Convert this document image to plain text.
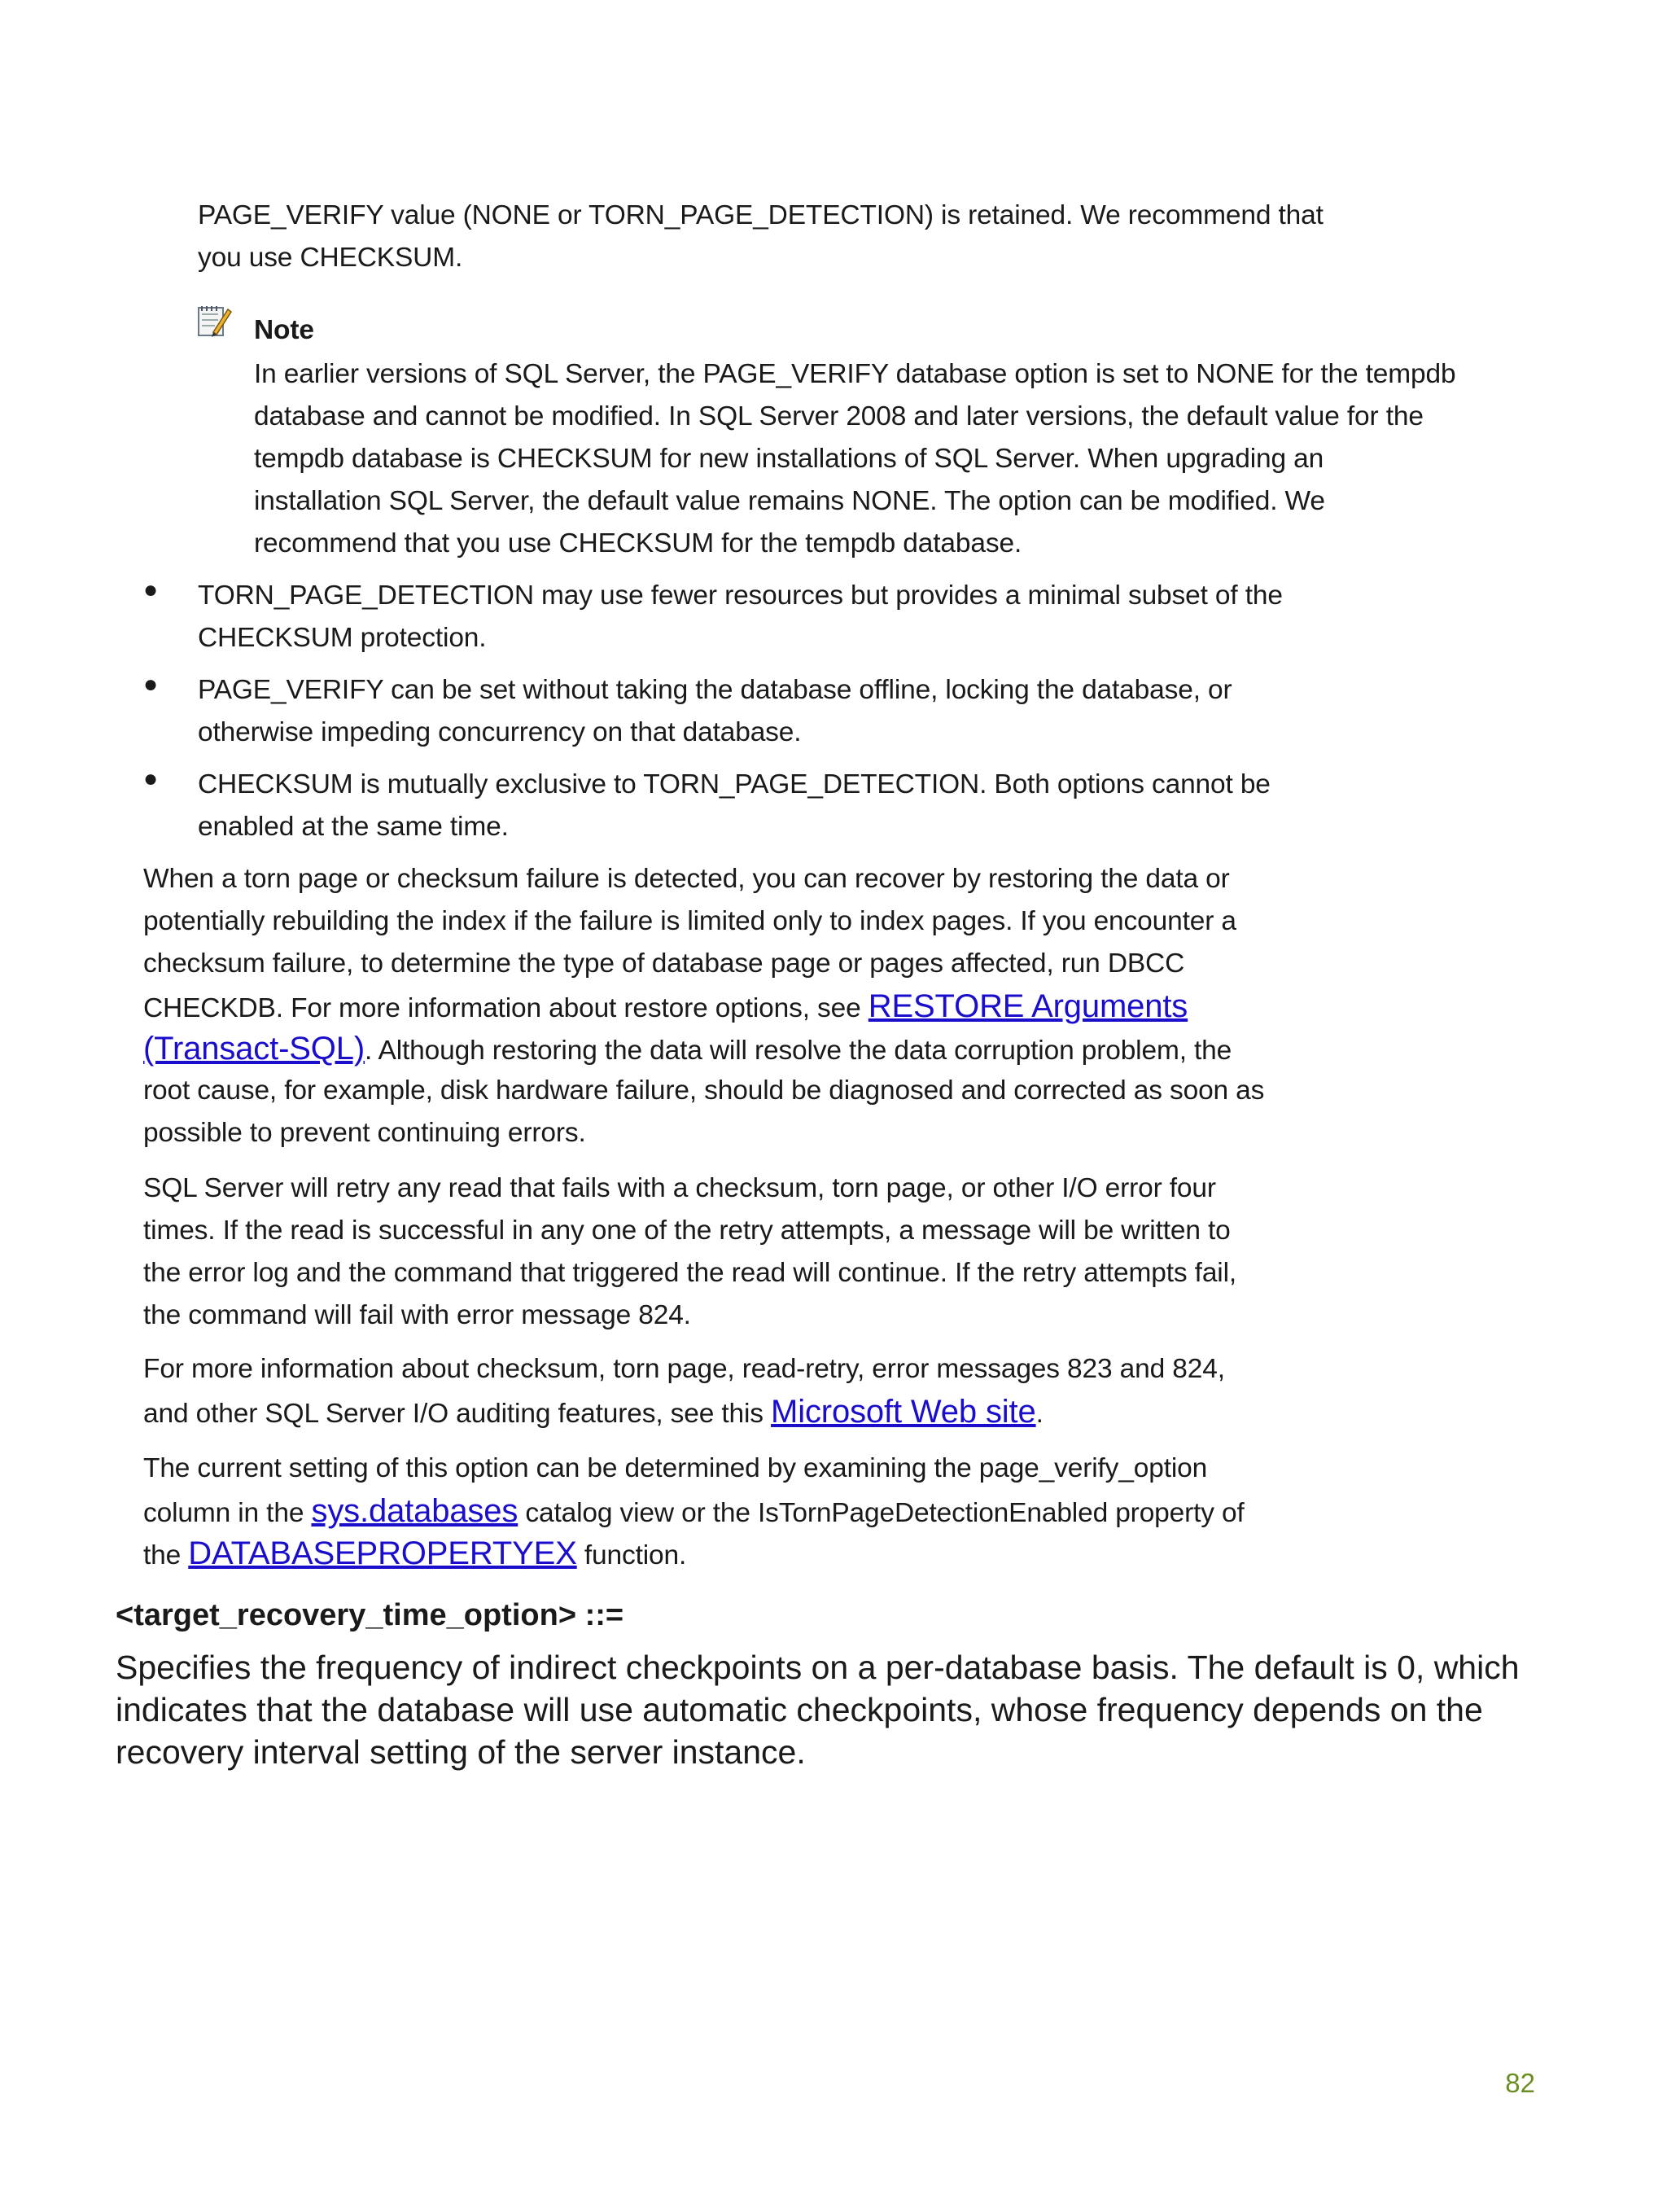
PAGE_VERIFY value (NONE or TORN_PAGE_DETECTION) is retained. We recommend that

you use CHECKSUM.

Note

In earlier versions of SQL Server, the PAGE_VERIFY database option is set to NONE for the tempdb

database and cannot be modified. In SQL Server 2008 and later versions, the default value for the

tempdb database is CHECKSUM for new installations of SQL Server. When upgrading an

installation SQL Server, the default value remains NONE. The option can be modified. We

recommend that you use CHECKSUM for the tempdb database.

● TORN_PAGE_DETECTION may use fewer resources but provides a minimal subset of the

CHECKSUM protection.

● PAGE_VERIFY can be set without taking the database offline, locking the database, or

otherwise impeding concurrency on that database.

● CHECKSUM is mutually exclusive to TORN_PAGE_DETECTION. Both options cannot be

enabled at the same time.

When a torn page or checksum failure is detected, you can recover by restoring the data or

potentially rebuilding the index if the failure is limited only to index pages. If you encounter a

checksum failure, to determine the type of database page or pages affected, run DBCC

CHECKDB. For more information about restore options, see RESTORE Arguments

(Transact-SQL). Although restoring the data will resolve the data corruption problem, the

root cause, for example, disk hardware failure, should be diagnosed and corrected as soon as

possible to prevent continuing errors.

SQL Server will retry any read that fails with a checksum, torn page, or other I/O error four

times. If the read is successful in any one of the retry attempts, a message will be written to

the error log and the command that triggered the read will continue. If the retry attempts fail,

the command will fail with error message 824.

For more information about checksum, torn page, read-retry, error messages 823 and 824,

and other SQL Server I/O auditing features, see this Microsoft Web site.

The current setting of this option can be determined by examining the page_verify_option

column in the sys.databases catalog view or the IsTornPageDetectionEnabled property of

the DATABASEPROPERTYEX function.

<target_recovery_time_option> ::=

Specifies the frequency of indirect checkpoints on a per-database basis. The default is 0, which

indicates that the database will use automatic checkpoints, whose frequency depends on the

recovery interval setting of the server instance.

82
